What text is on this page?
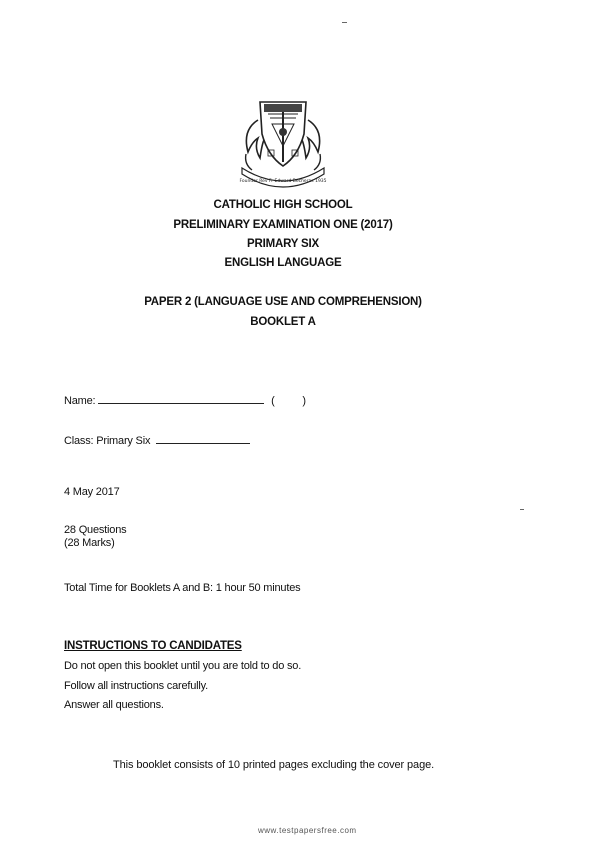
Founder Rev Fr Edward Becheras 1935
CATHOLIC HIGH SCHOOL
PRELIMINARY EXAMINATION ONE (2017)
PRIMARY SIX
ENGLISH LANGUAGE
PAPER 2 (LANGUAGE USE AND COMPREHENSION)
BOOKLET A
Name:	(	)
Class: Primary Six
4 May 2017
28 Questions
(28 Marks)
Total Time for Booklets A and B: 1 hour 50 minutes
INSTRUCTIONS TO CANDIDATES
Do not open this booklet until you are told to do so.
Follow all instructions carefully.
Answer all questions.
This booklet consists of 10 printed pages excluding the cover page.
www.testpapersfree.com
